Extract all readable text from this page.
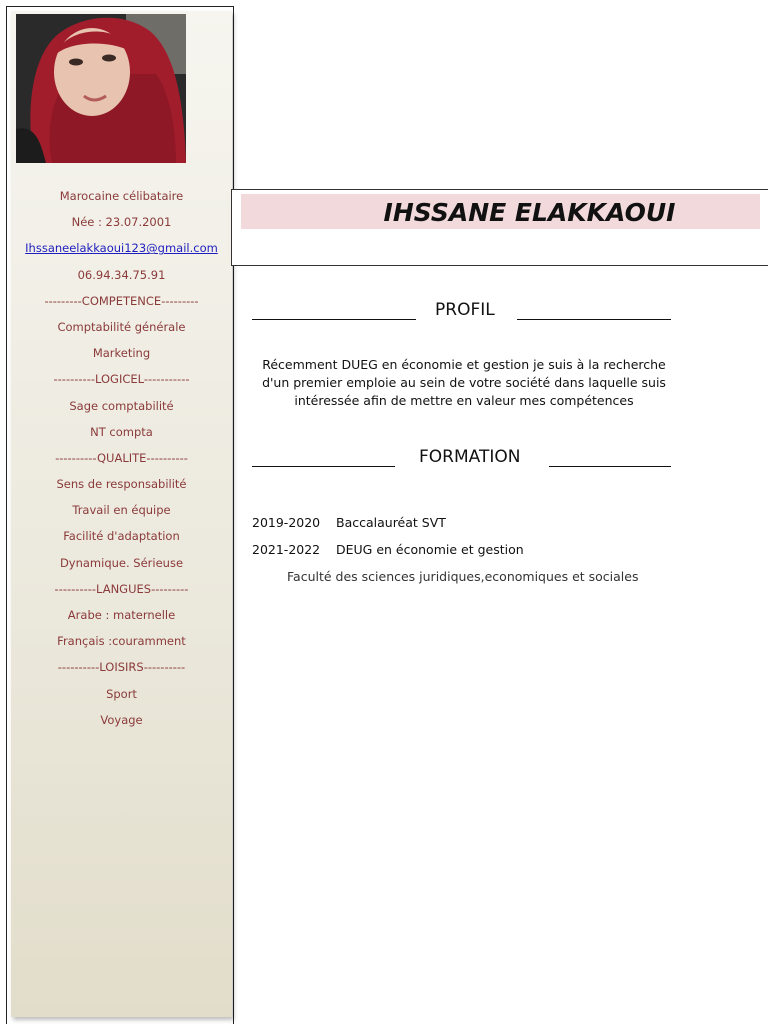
Marocaine célibataire
Née : 23.07.2001
Ihssaneelakkaoui123@gmail.com
06.94.34.75.91
---------COMPETENCE---------
Comptabilité générale
Marketing
----------LOGICEL-----------
Sage comptabilité
NT compta
----------QUALITE----------
Sens de responsabilité
Travail en équipe
Facilité d'adaptation
Dynamique. Sérieuse
----------LANGUES---------
Arabe : maternelle
Français :couramment
----------LOISIRS----------
Sport
Voyage
IHSSANE ELAKKAOUI
PROFIL

Récemment DUEG en économie et gestion je suis à la recherche d'un premier emploie au sein de votre société dans laquelle suis intéressée afin de mettre en valeur mes compétences

FORMATION
2019-2020 Baccalauréat SVT
2021-2022 DEUG en économie et gestion
Faculté des sciences juridiques,economiques et sociales
